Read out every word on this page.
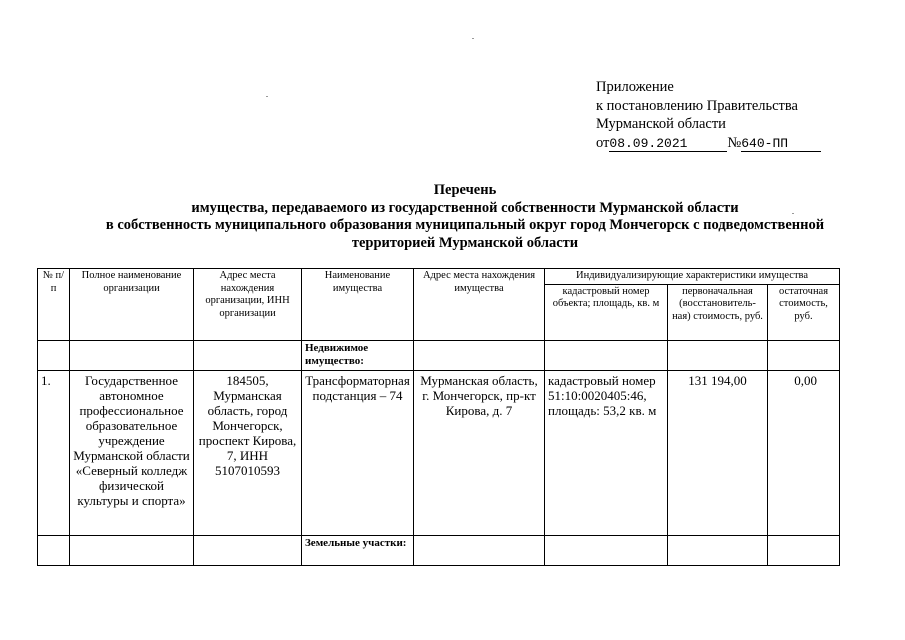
Приложение
к постановлению Правительства
Мурманской области
от08.09.2021	№640-ПП
Перечень
имущества, передаваемого из государственной собственности Мурманской области
в собственность муниципального образования муниципальный округ город Мончегорск с подведомственной
территорией Мурманской области
№ п/п	Полное наименование организации	Адрес места нахождения организации, ИНН организации	Наименование имущества	Адрес места нахождения имущества	Индивидуализирующие характеристики имущества		
					кадастровый номер объекта; площадь, кв. м	первоначальная (восстановитель-ная) стоимость, руб.	остаточная стоимость, руб.
			Недвижимое имущество:				
1.	Государственное автономное профессиональное образовательное учреждение Мурманской области «Северный колледж физической культуры и спорта»	184505, Мурманская область, город Мончегорск, проспект Кирова, 7, ИНН 5107010593	Трансформаторная подстанция – 74	Мурманская область, г. Мончегорск, пр-кт Кирова, д. 7	кадастровый номер 51:10:0020405:46, площадь: 53,2 кв. м	131 194,00	0,00
			Земельные участки:				
